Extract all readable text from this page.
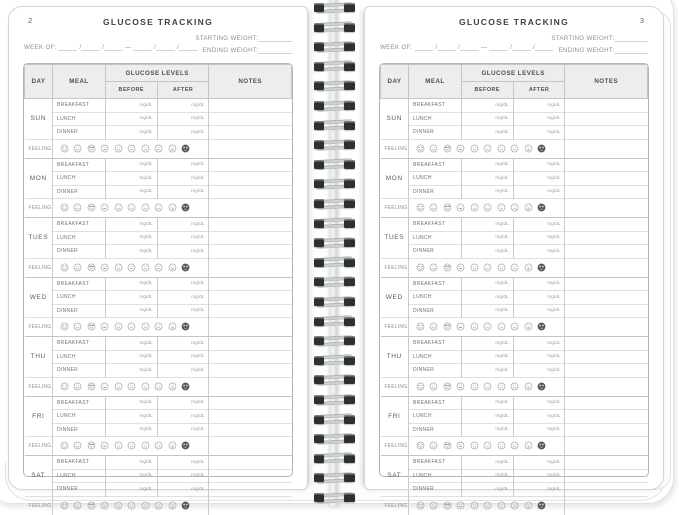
2	GLUCOSE TRACKING
WEEK OF: _____ /_____ /_____ — _____ /_____ /_____
STARTING WEIGHT:_________
ENDING WEIGHT:_________
DAY	MEAL	GLUCOSE LEVELS		NOTES
		BEFORE	AFTER	
SUN	BREAKFAST	mg/dL	mg/dL	
	LUNCH	mg/dL	mg/dL	
	DINNER	mg/dL	mg/dL	
FEELING		
MON	BREAKFAST	mg/dL	mg/dL	
	LUNCH	mg/dL	mg/dL	
	DINNER	mg/dL	mg/dL	
FEELING		
TUES	BREAKFAST	mg/dL	mg/dL	
	LUNCH	mg/dL	mg/dL	
	DINNER	mg/dL	mg/dL	
FEELING		
WED	BREAKFAST	mg/dL	mg/dL	
	LUNCH	mg/dL	mg/dL	
	DINNER	mg/dL	mg/dL	
FEELING		
THU	BREAKFAST	mg/dL	mg/dL	
	LUNCH	mg/dL	mg/dL	
	DINNER	mg/dL	mg/dL	
FEELING		
FRI	BREAKFAST	mg/dL	mg/dL	
	LUNCH	mg/dL	mg/dL	
	DINNER	mg/dL	mg/dL	
FEELING		
SAT	BREAKFAST	mg/dL	mg/dL	
	LUNCH	mg/dL	mg/dL	
	DINNER	mg/dL	mg/dL	
FEELING		
3
GLUCOSE TRACKING
WEEK OF: _____ /_____ /_____ — _____ /_____ /_____
STARTING WEIGHT:_________
ENDING WEIGHT:_________
DAY	MEAL	GLUCOSE LEVELS		NOTES
		BEFORE	AFTER	
SUN	BREAKFAST	mg/dL	mg/dL	
	LUNCH	mg/dL	mg/dL	
	DINNER	mg/dL	mg/dL	
FEELING		
MON	BREAKFAST	mg/dL	mg/dL	
	LUNCH	mg/dL	mg/dL	
	DINNER	mg/dL	mg/dL	
FEELING		
TUES	BREAKFAST	mg/dL	mg/dL	
	LUNCH	mg/dL	mg/dL	
	DINNER	mg/dL	mg/dL	
FEELING		
WED	BREAKFAST	mg/dL	mg/dL	
	LUNCH	mg/dL	mg/dL	
	DINNER	mg/dL	mg/dL	
FEELING		
THU	BREAKFAST	mg/dL	mg/dL	
	LUNCH	mg/dL	mg/dL	
	DINNER	mg/dL	mg/dL	
FEELING		
FRI	BREAKFAST	mg/dL	mg/dL	
	LUNCH	mg/dL	mg/dL	
	DINNER	mg/dL	mg/dL	
FEELING		
SAT	BREAKFAST	mg/dL	mg/dL	
	LUNCH	mg/dL	mg/dL	
	DINNER	mg/dL	mg/dL	
FEELING		
